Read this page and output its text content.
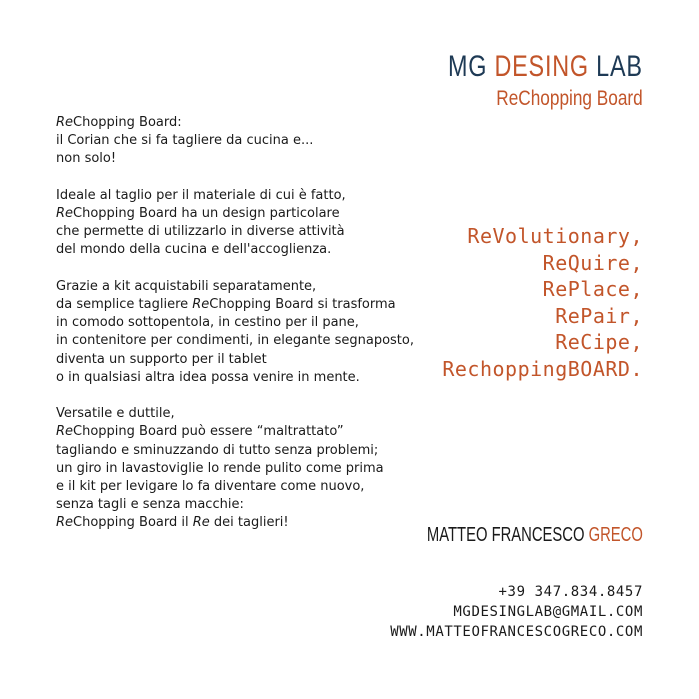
MG DESING LAB
ReChopping Board
ReChopping Board:
il Corian che si fa tagliere da cucina e...
non solo!
Ideale al taglio per il materiale di cui è fatto,
ReChopping Board ha un design particolare
che permette di utilizzarlo in diverse attività
del mondo della cucina e dell'accoglienza.
Grazie a kit acquistabili separatamente,
da semplice tagliere ReChopping Board si trasforma
in comodo sottopentola, in cestino per il pane,
in contenitore per condimenti, in elegante segnaposto,
diventa un supporto per il tablet
o in qualsiasi altra idea possa venire in mente.
Versatile e duttile,
ReChopping Board può essere “maltrattato”
tagliando e sminuzzando di tutto senza problemi;
un giro in lavastoviglie lo rende pulito come prima
e il kit per levigare lo fa diventare come nuovo,
senza tagli e senza macchie:
ReChopping Board il Re dei taglieri!
ReVolutionary,
ReQuire,
RePlace,
RePair,
ReCipe,
RechoppingBOARD.
MATTEO FRANCESCO GRECO
+39 347.834.8457
MGDESINGLAB@GMAIL.COM
WWW.MATTEOFRANCESCOGRECO.COM
